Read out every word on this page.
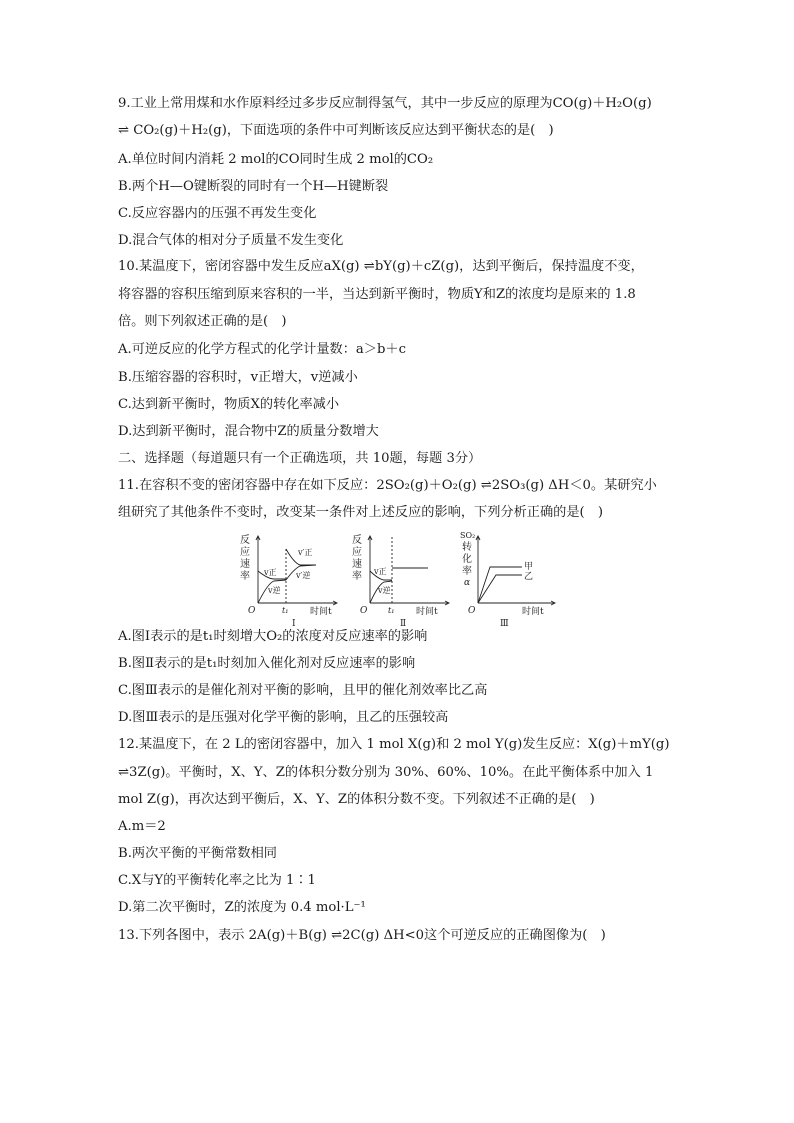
9.工业上常用煤和水作原料经过多步反应制得氢气，其中一步反应的原理为CO(g)＋H₂O(g)
⇌ CO₂(g)＋H₂(g)，下面选项的条件中可判断该反应达到平衡状态的是(　)
A.单位时间内消耗 2 mol的CO同时生成 2 mol的CO₂
B.两个H—O键断裂的同时有一个H—H键断裂
C.反应容器内的压强不再发生变化
D.混合气体的相对分子质量不发生变化
10.某温度下，密闭容器中发生反应aX(g) ⇌bY(g)＋cZ(g)，达到平衡后，保持温度不变，
将容器的容积压缩到原来容积的一半，当达到新平衡时，物质Y和Z的浓度均是原来的 1.8
倍。则下列叙述正确的是(　)
A.可逆反应的化学方程式的化学计量数：a＞b＋c
B.压缩容器的容积时，v正增大，v逆减小
C.达到新平衡时，物质X的转化率减小
D.达到新平衡时，混合物中Z的质量分数增大
二、选择题（每道题只有一个正确选项，共 10题，每题 3分）
11.在容积不变的密闭容器中存在如下反应：2SO₂(g)＋O₂(g) ⇌2SO₃(g) ΔH＜0。某研究小
组研究了其他条件不变时，改变某一条件对上述反应的影响，下列分析正确的是(　)
反
应
速
率 v正
v逆
v′正
v′逆
O	t₁ 时间t
Ⅰ
反
应
速
率 v正
v逆
O	t₁ 时间t
Ⅱ
SO₂
转
化
率
α
甲
乙
O	时间t
Ⅲ
A.图Ⅰ表示的是t₁时刻增大O₂的浓度对反应速率的影响
B.图Ⅱ表示的是t₁时刻加入催化剂对反应速率的影响
C.图Ⅲ表示的是催化剂对平衡的影响，且甲的催化剂效率比乙高
D.图Ⅲ表示的是压强对化学平衡的影响，且乙的压强较高
12.某温度下，在 2 L的密闭容器中，加入 1 mol X(g)和 2 mol Y(g)发生反应：X(g)＋mY(g)
⇌3Z(g)。平衡时，X、Y、Z的体积分数分别为 30%、60%、10%。在此平衡体系中加入 1
mol Z(g)，再次达到平衡后，X、Y、Z的体积分数不变。下列叙述不正确的是(　)
A.m＝2
B.两次平衡的平衡常数相同
C.X与Y的平衡转化率之比为 1∶1
D.第二次平衡时，Z的浓度为 0.4 mol·L⁻¹
13.下列各图中，表示 2A(g)＋B(g) ⇌2C(g) ΔH<0这个可逆反应的正确图像为(　)
